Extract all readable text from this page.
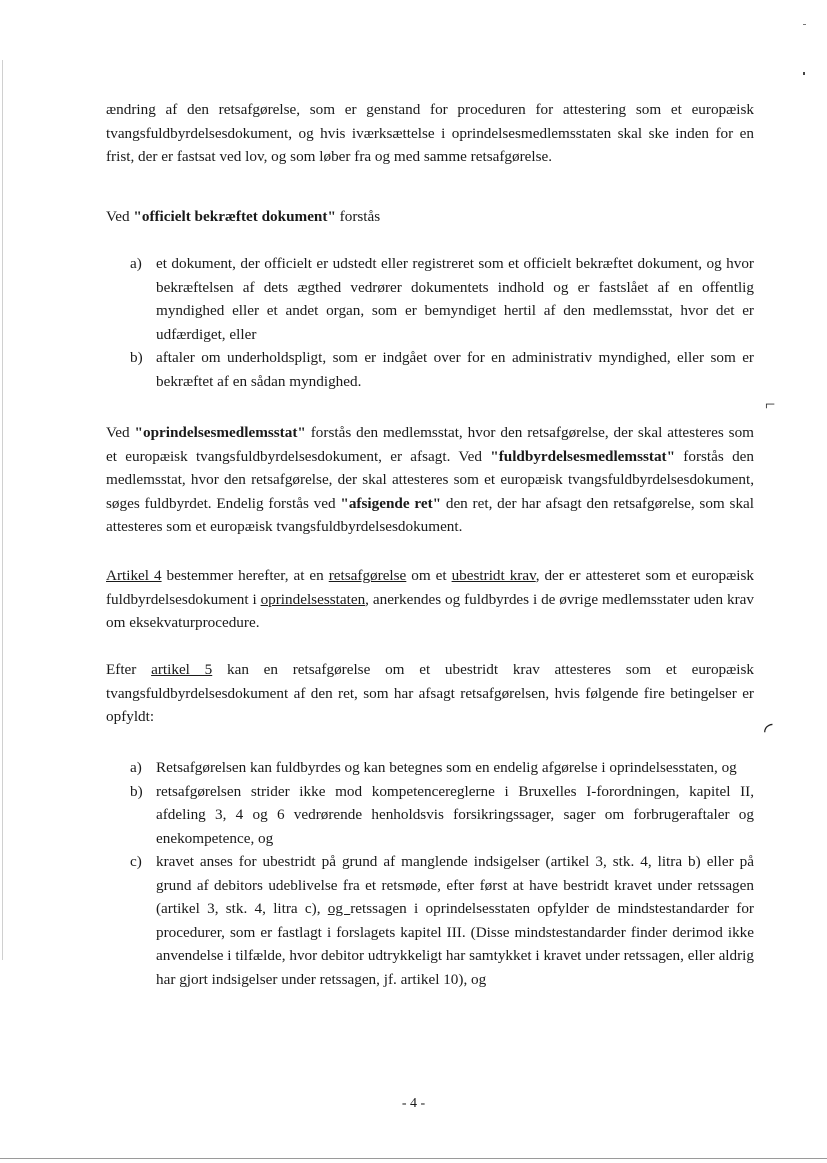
ændring af den retsafgørelse, som er genstand for proceduren for attestering som et europæisk tvangsfuldbyrdelsesdokument, og hvis iværksættelse i oprindelsesmedlemsstaten skal ske inden for en frist, der er fastsat ved lov, og som løber fra og med samme retsafgørelse.

Ved "officielt bekræftet dokument" forstås

a) et dokument, der officielt er udstedt eller registreret som et officielt bekræftet dokument, og hvor bekræftelsen af dets ægthed vedrører dokumentets indhold og er fastslået af en offentlig myndighed eller et andet organ, som er bemyndiget hertil af den medlemsstat, hvor det er udfærdiget, eller
b) aftaler om underholdspligt, som er indgået over for en administrativ myndighed, eller som er bekræftet af en sådan myndighed.
⌐

Ved "oprindelsesmedlemsstat" forstås den medlemsstat, hvor den retsafgørelse, der skal attesteres som et europæisk tvangsfuldbyrdelsesdokument, er afsagt. Ved "fuldbyrdelsesmedlemsstat" forstås den medlemsstat, hvor den retsafgørelse, der skal attesteres som et europæisk tvangsfuldbyrdelsesdokument, søges fuldbyrdet. Endelig forstås ved "afsigende ret" den ret, der har afsagt den retsafgørelse, som skal attesteres som et europæisk tvangsfuldbyrdelsesdokument.

Artikel 4 bestemmer herefter, at en retsafgørelse om et ubestridt krav, der er attesteret som et europæisk fuldbyrdelsesdokument i oprindelsesstaten, anerkendes og fuldbyrdes i de øvrige medlemsstater uden krav om eksekvaturprocedure.

Efter artikel 5 kan en retsafgørelse om et ubestridt krav attesteres som et europæisk tvangsfuldbyrdelsesdokument af den ret, som har afsagt retsafgørelsen, hvis følgende fire betingelser er opfyldt:

◜
a) Retsafgørelsen kan fuldbyrdes og kan betegnes som en endelig afgørelse i oprindelsesstaten, og
b) retsafgørelsen strider ikke mod kompetencereglerne i Bruxelles I-forordningen, kapitel II, afdeling 3, 4 og 6 vedrørende henholdsvis forsikringssager, sager om forbrugeraftaler og enekompetence, og
c) kravet anses for ubestridt på grund af manglende indsigelser (artikel 3, stk. 4, litra b) eller på grund af debitors udeblivelse fra et retsmøde, efter først at have bestridt kravet under retssagen (artikel 3, stk. 4, litra c), og retssagen i oprindelsesstaten opfylder de mindstestandarder for procedurer, som er fastlagt i forslagets kapitel III. (Disse mindstestandarder finder derimod ikke anvendelse i tilfælde, hvor debitor udtrykkeligt har samtykket i kravet under retssagen, eller aldrig har gjort indsigelser under retssagen, jf. artikel 10), og
- 4 -
